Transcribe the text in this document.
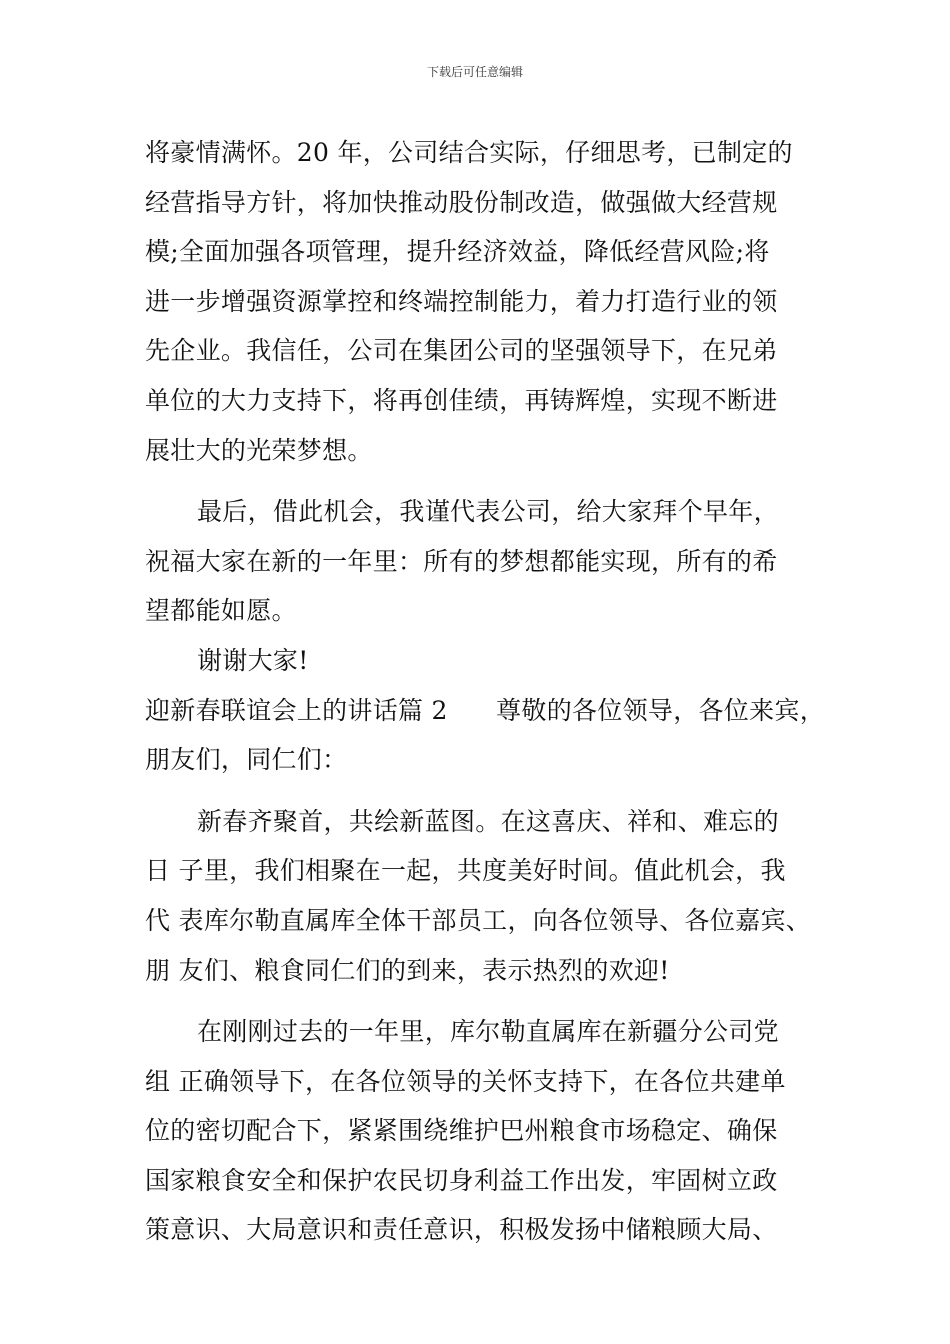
下载后可任意编辑
将豪情满怀。20 年，公司结合实际，仔细思考，已制定的
经营指导方针，将加快推动股份制改造，做强做大经营规
模;全面加强各项管理，提升经济效益，降低经营风险;将
进一步增强资源掌控和终端控制能力，着力打造行业的领
先企业。我信任，公司在集团公司的坚强领导下，在兄弟
单位的大力支持下，将再创佳绩，再铸辉煌，实现不断进
展壮大的光荣梦想。
最后，借此机会，我谨代表公司，给大家拜个早年，
祝福大家在新的一年里：所有的梦想都能实现，所有的希
望都能如愿。
谢谢大家!
迎新春联谊会上的讲话篇 2 尊敬的各位领导，各位来宾，
朋友们，同仁们：
新春齐聚首，共绘新蓝图。在这喜庆、祥和、难忘的
日 子里，我们相聚在一起，共度美好时间。值此机会，我
代 表库尔勒直属库全体干部员工，向各位领导、各位嘉宾、
朋 友们、粮食同仁们的到来，表示热烈的欢迎!
在刚刚过去的一年里，库尔勒直属库在新疆分公司党
组 正确领导下，在各位领导的关怀支持下，在各位共建单
位的密切配合下，紧紧围绕维护巴州粮食市场稳定、确保
国家粮食安全和保护农民切身利益工作出发，牢固树立政
策意识、大局意识和责任意识，积极发扬中储粮顾大局、
